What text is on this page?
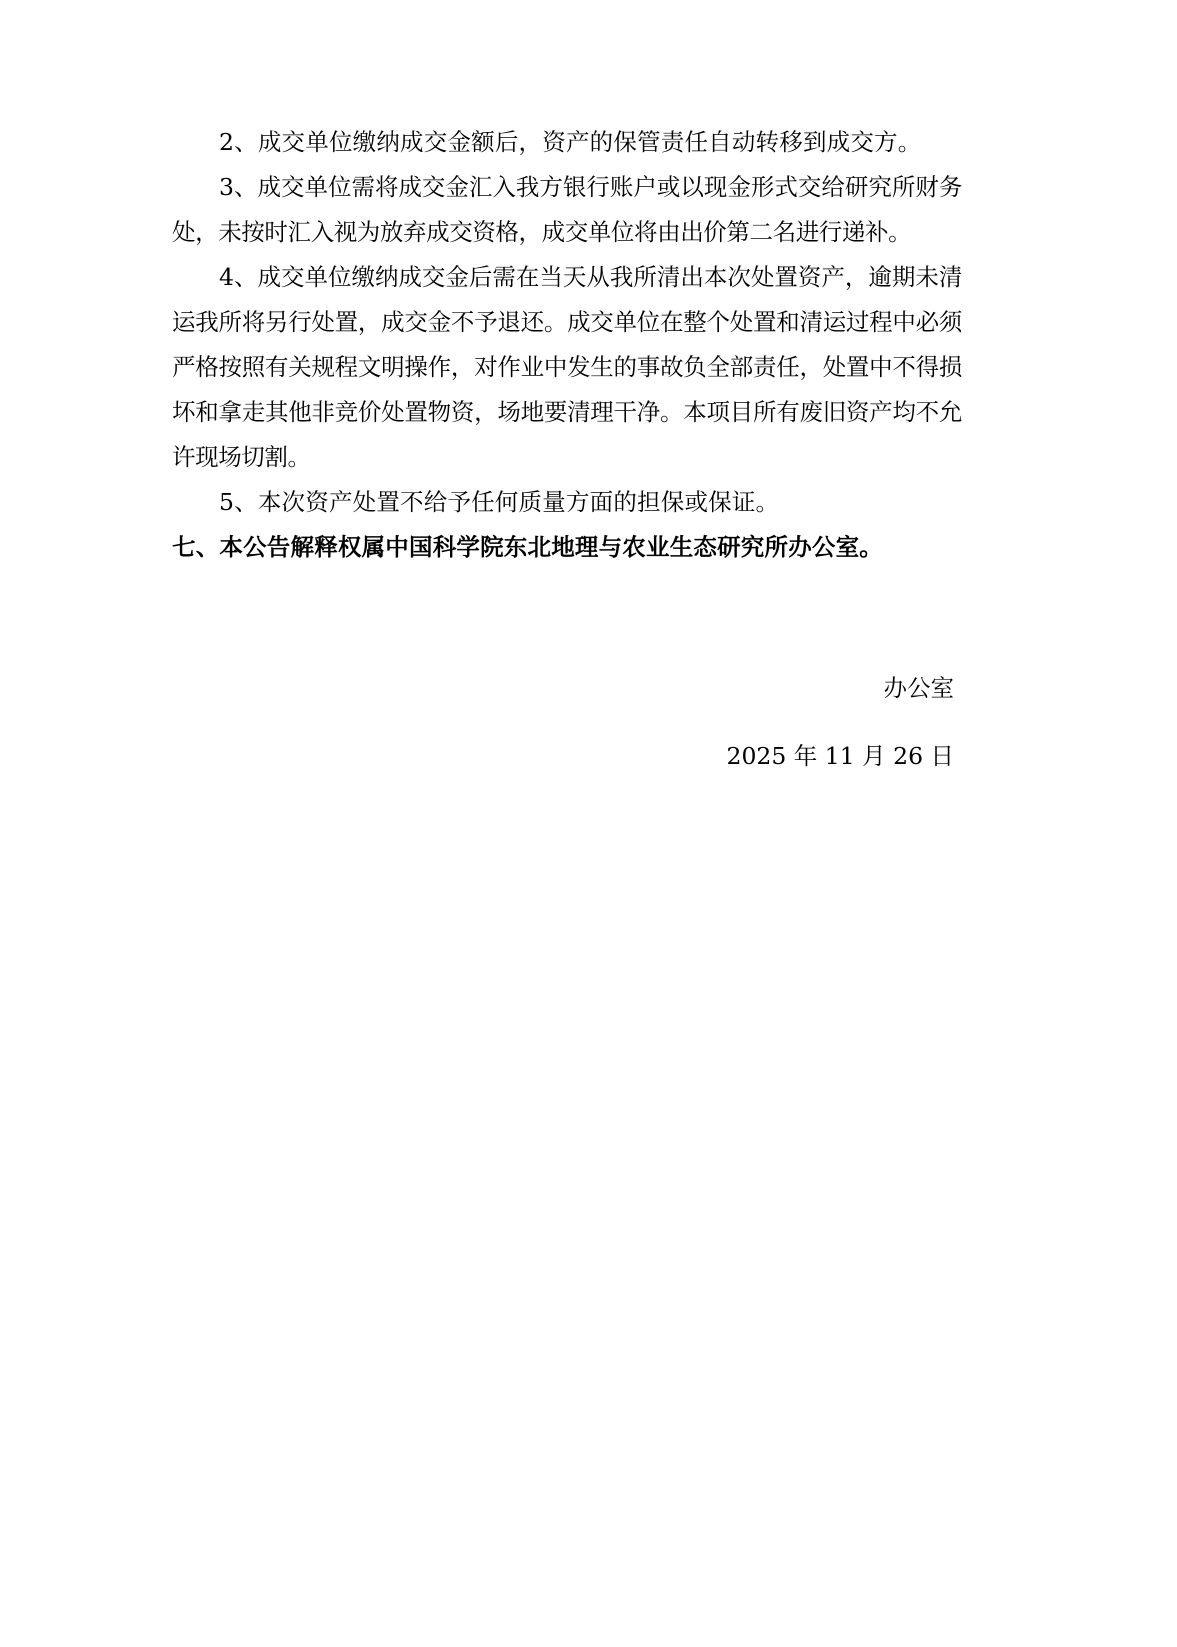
2、成交单位缴纳成交金额后，资产的保管责任自动转移到成交方。

3、成交单位需将成交金汇入我方银行账户或以现金形式交给研究所财务处，未按时汇入视为放弃成交资格，成交单位将由出价第二名进行递补。

4、成交单位缴纳成交金后需在当天从我所清出本次处置资产，逾期未清运我所将另行处置，成交金不予退还。成交单位在整个处置和清运过程中必须严格按照有关规程文明操作，对作业中发生的事故负全部责任，处置中不得损坏和拿走其他非竞价处置物资，场地要清理干净。本项目所有废旧资产均不允许现场切割。

5、本次资产处置不给予任何质量方面的担保或保证。

七、本公告解释权属中国科学院东北地理与农业生态研究所办公室。

办公室

2025 年 11 月 26 日
